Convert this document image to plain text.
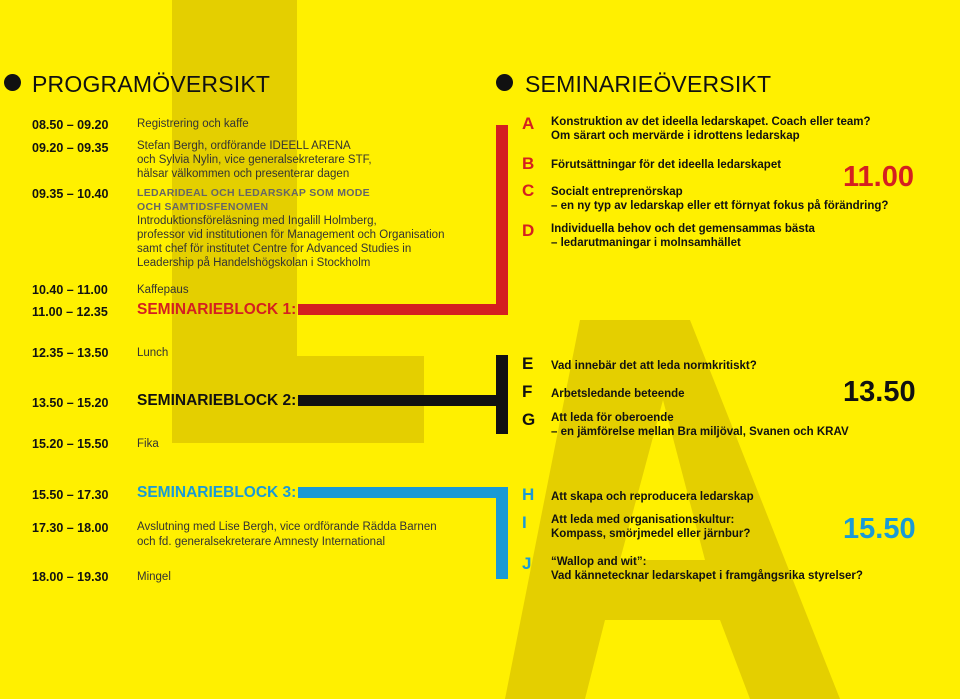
PROGRAMÖVERSIKT
08.50 – 09.20 Registrering och kaffe
09.20 – 09.35 Stefan Bergh, ordförande IDEELL ARENA
och Sylvia Nylin, vice generalsekreterare STF,
hälsar välkommen och presenterar dagen
09.35 – 10.40	LEDARIDEAL OCH LEDARSKAP SOM MODE
OCH SAMTIDSFENOMEN
Introduktionsföreläsning med Ingalill Holmberg,
professor vid institutionen för Management och Organisation
samt chef för institutet Centre for Advanced Studies in
Leadership på Handelshögskolan i Stockholm
10.40 – 11.00	Kaffepaus
11.00 – 12.35 SEMINARIEBLOCK 1:
12.35 – 13.50 Lunch
13.50 – 15.20 SEMINARIEBLOCK 2:
15.20 – 15.50 Fika
15.50 – 17.30 SEMINARIEBLOCK 3:
17.30 – 18.00 Avslutning med Lise Bergh, vice ordförande Rädda Barnen
och fd. generalsekreterare Amnesty International
18.00 – 19.30 Mingel
SEMINARIEÖVERSIKT
A Konstruktion av det ideella ledarskapet. Coach eller team?
Om särart och mervärde i idrottens ledarskap
B Förutsättningar för det ideella ledarskapet
C Socialt entreprenörskap
– en ny typ av ledarskap eller ett förnyat fokus på förändring?
D Individuella behov och det gemensammas bästa
– ledarutmaningar i molnsamhället
11.00
E Vad innebär det att leda normkritiskt?
F Arbetsledande beteende
G Att leda för oberoende
– en jämförelse mellan Bra miljöval, Svanen och KRAV
13.50
H Att skapa och reproducera ledarskap
I Att leda med organisationskultur:
Kompass, smörjmedel eller järnbur?
J “Wallop and wit”:
Vad kännetecknar ledarskapet i framgångsrika styrelser?
15.50
